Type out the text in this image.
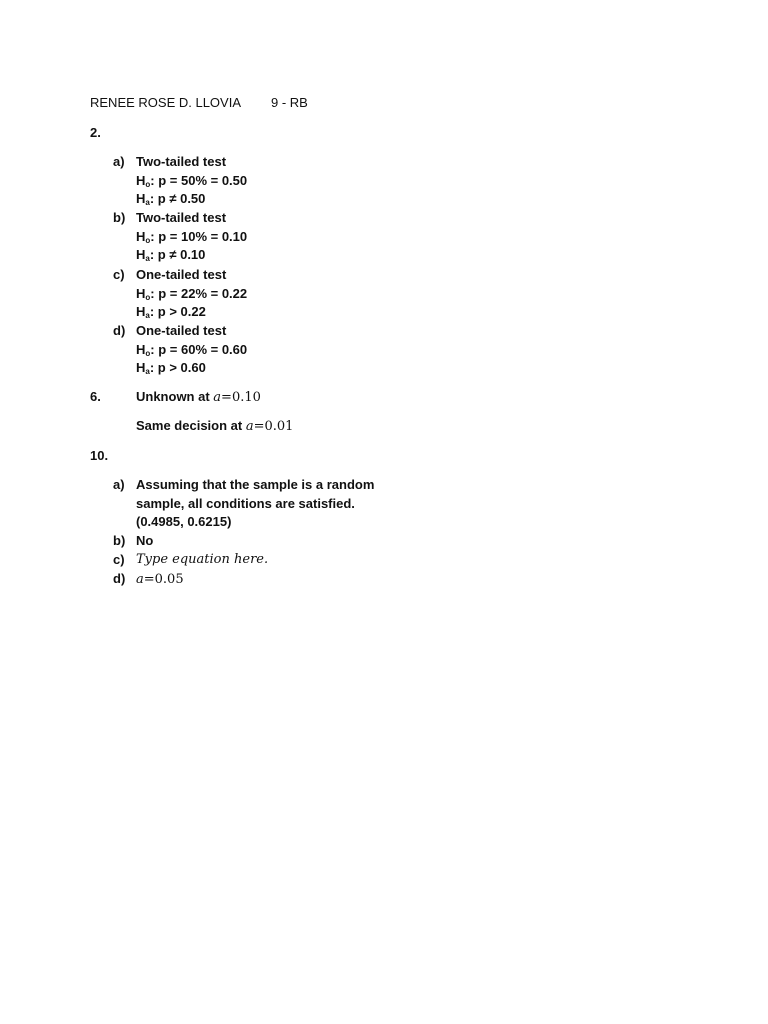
RENEE ROSE D. LLOVIA 9 - RB
2.
a) Two-tailed test
$H_o$: p = 50% = 0.50
$H_a$: p ≠ 0.50
b) Two-tailed test
$H_o$: p = 10% = 0.10
$H_a$: p ≠ 0.10
c) One-tailed test
$H_o$: p = 22% = 0.22
$H_a$: p > 0.22
d) One-tailed test
$H_o$: p = 60% = 0.60
$H_a$: p > 0.60
6.	Unknown at a=0.10
Same decision at a=0.01
10.
a) Assuming that the sample is a random
sample, all conditions are satisfied.
(0.4985, 0.6215)
b) No
c) Type equation here.
d) a=0.05
